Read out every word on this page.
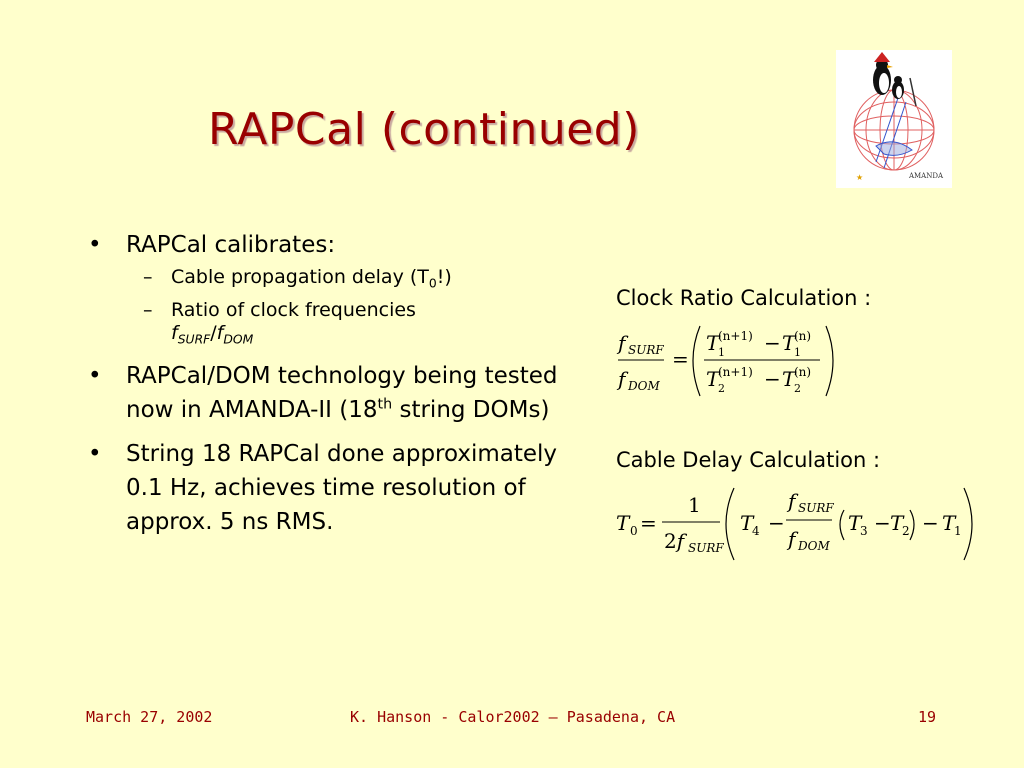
RAPCal (continued)
AMANDA
★
• RAPCal calibrates:
– Cable propagation delay $(T_0!)$
– Ratio of clock frequencies
$f_{SURF}/f_{DOM}$
• RAPCal/DOM technology being tested now in AMANDA-II (18th string DOMs)
• String 18 RAPCal done approximately 0.1 Hz, achieves time resolution of approx. 5 ns RMS.
Clock Ratio Calculation :
f SURF
f DOM
=
T
1
(n+1) − T
1
(n)
T
2
(n+1) − T
2
(n)
Cable Delay Calculation :
T 0 =
1
2f SURF
T
4 −
f SURF
f DOM
T
3 − T
2 − T
1
March 27, 2002	K. Hanson - Calor2002 – Pasadena, CA	19
